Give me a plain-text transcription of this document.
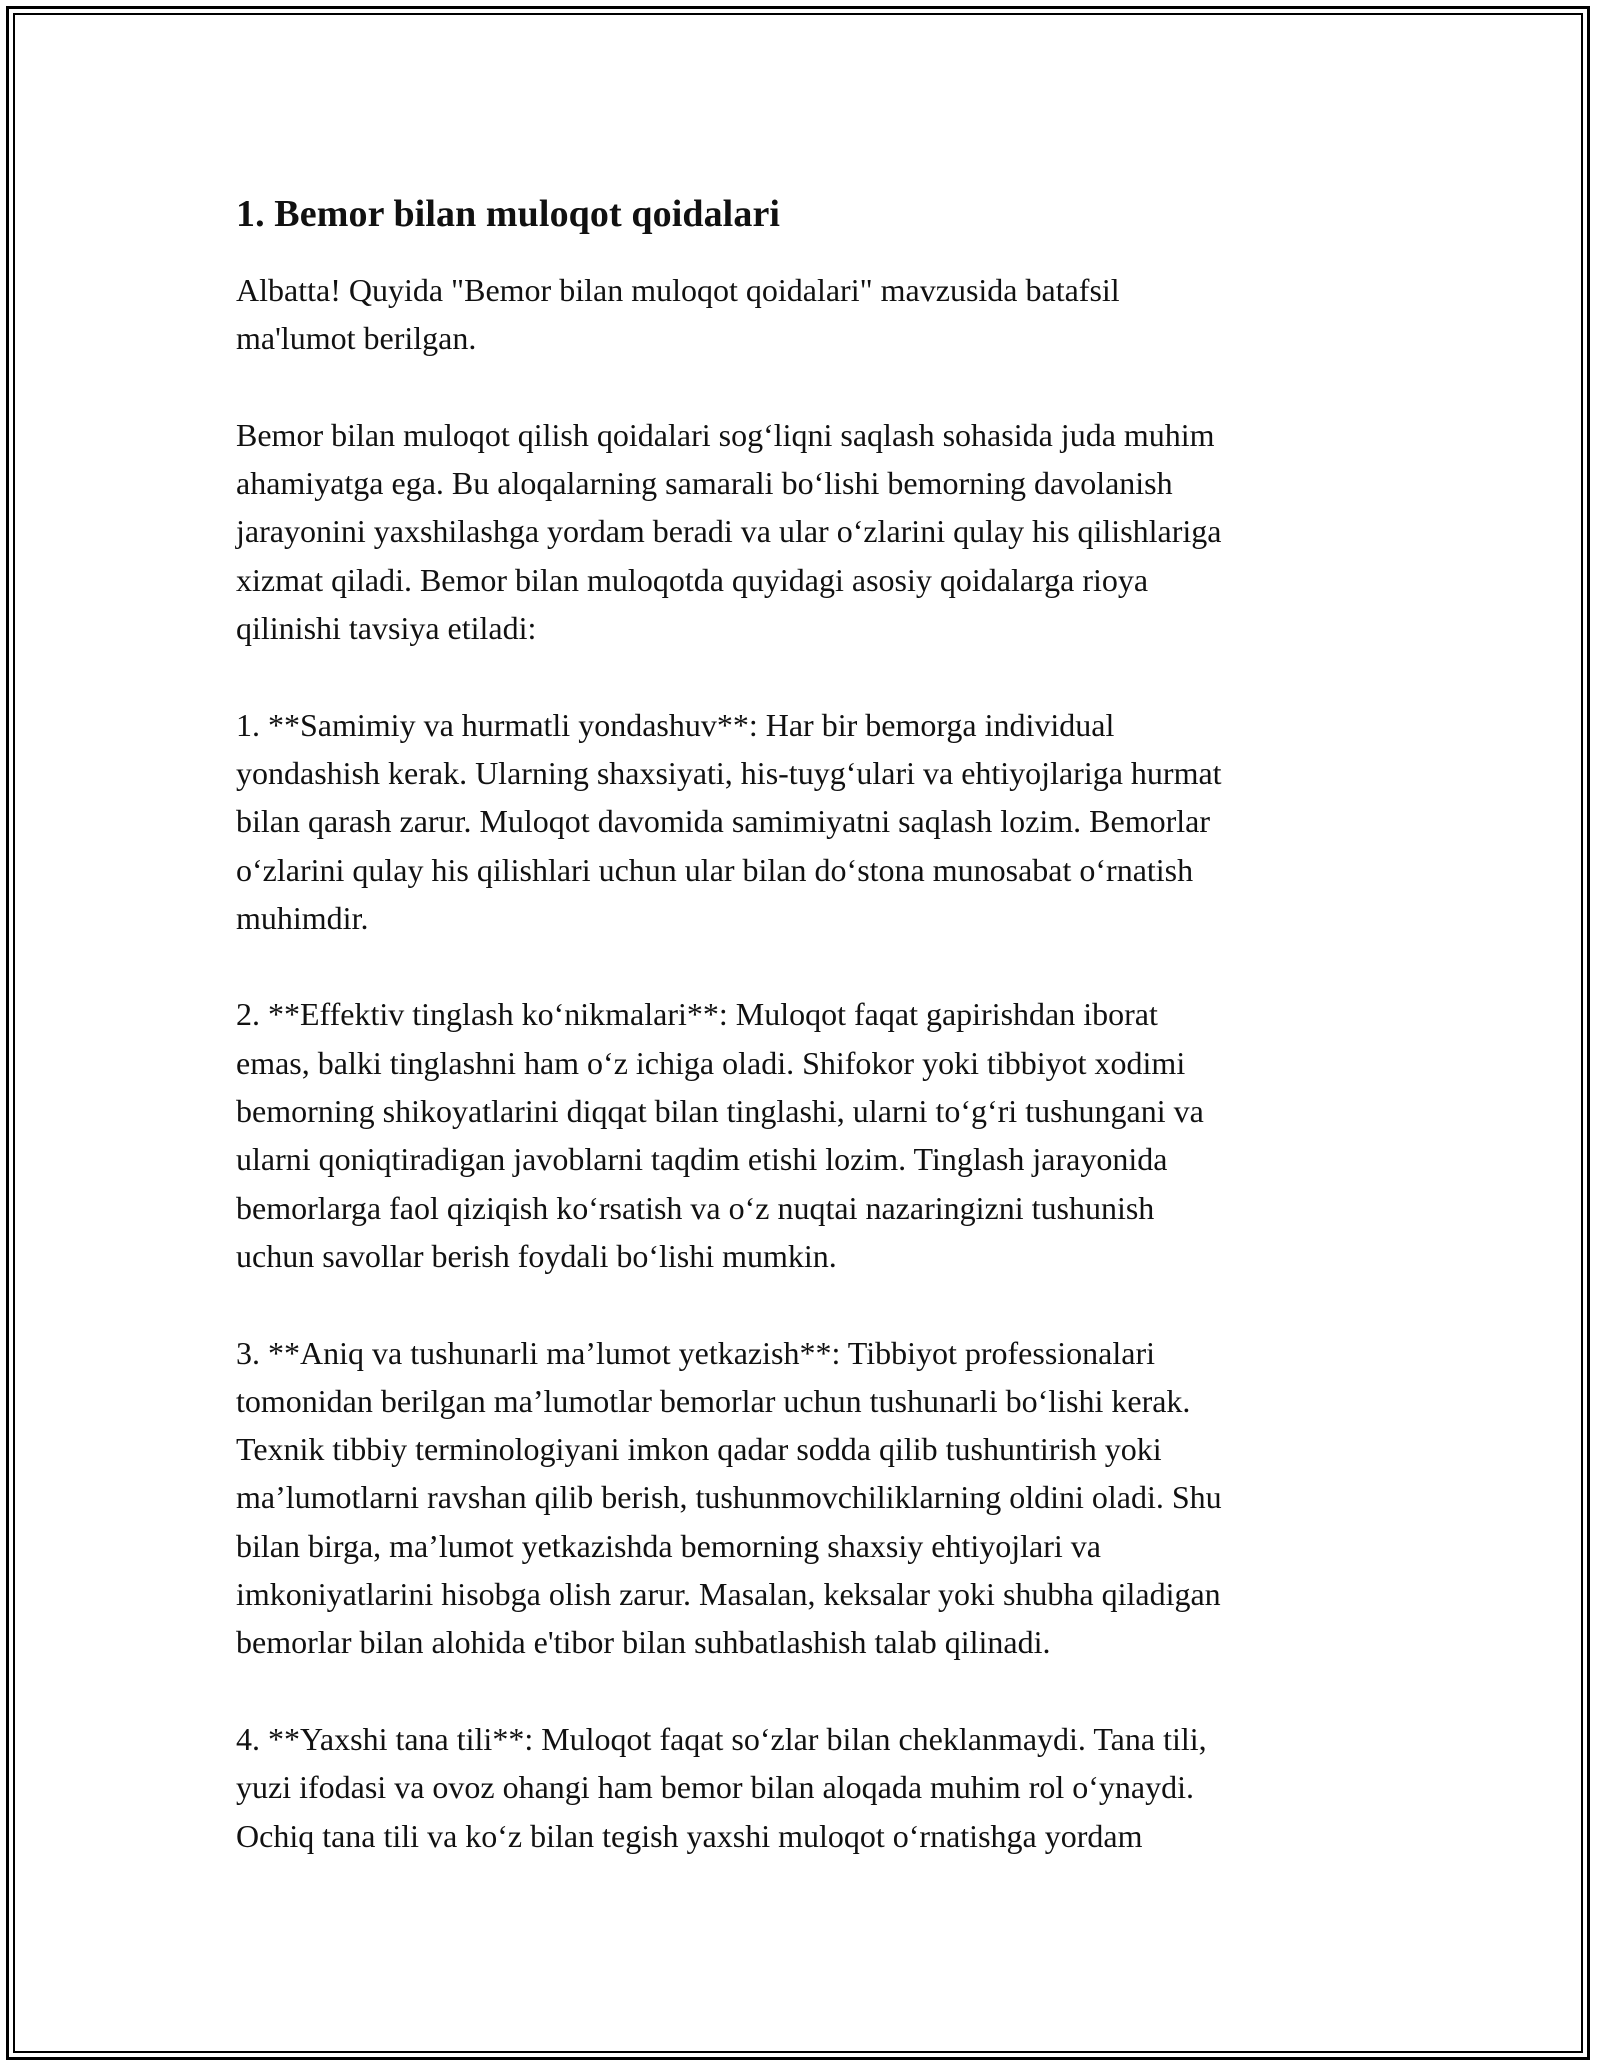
1. Bemor bilan muloqot qoidalari

Albatta! Quyida "Bemor bilan muloqot qoidalari" mavzusida batafsil
ma'lumot berilgan.

Bemor bilan muloqot qilish qoidalari sog‘liqni saqlash sohasida juda muhim
ahamiyatga ega. Bu aloqalarning samarali bo‘lishi bemorning davolanish
jarayonini yaxshilashga yordam beradi va ular o‘zlarini qulay his qilishlariga
xizmat qiladi. Bemor bilan muloqotda quyidagi asosiy qoidalarga rioya
qilinishi tavsiya etiladi:

1. **Samimiy va hurmatli yondashuv**: Har bir bemorga individual
yondashish kerak. Ularning shaxsiyati, his-tuyg‘ulari va ehtiyojlariga hurmat
bilan qarash zarur. Muloqot davomida samimiyatni saqlash lozim. Bemorlar
o‘zlarini qulay his qilishlari uchun ular bilan do‘stona munosabat o‘rnatish
muhimdir.

2. **Effektiv tinglash ko‘nikmalari**: Muloqot faqat gapirishdan iborat
emas, balki tinglashni ham o‘z ichiga oladi. Shifokor yoki tibbiyot xodimi
bemorning shikoyatlarini diqqat bilan tinglashi, ularni to‘g‘ri tushungani va
ularni qoniqtiradigan javoblarni taqdim etishi lozim. Tinglash jarayonida
bemorlarga faol qiziqish ko‘rsatish va o‘z nuqtai nazaringizni tushunish
uchun savollar berish foydali bo‘lishi mumkin.

3. **Aniq va tushunarli ma’lumot yetkazish**: Tibbiyot professionalari
tomonidan berilgan ma’lumotlar bemorlar uchun tushunarli bo‘lishi kerak.
Texnik tibbiy terminologiyani imkon qadar sodda qilib tushuntirish yoki
ma’lumotlarni ravshan qilib berish, tushunmovchiliklarning oldini oladi. Shu
bilan birga, ma’lumot yetkazishda bemorning shaxsiy ehtiyojlari va
imkoniyatlarini hisobga olish zarur. Masalan, keksalar yoki shubha qiladigan
bemorlar bilan alohida e'tibor bilan suhbatlashish talab qilinadi.

4. **Yaxshi tana tili**: Muloqot faqat so‘zlar bilan cheklanmaydi. Tana tili,
yuzi ifodasi va ovoz ohangi ham bemor bilan aloqada muhim rol o‘ynaydi.
Ochiq tana tili va ko‘z bilan tegish yaxshi muloqot o‘rnatishga yordam
